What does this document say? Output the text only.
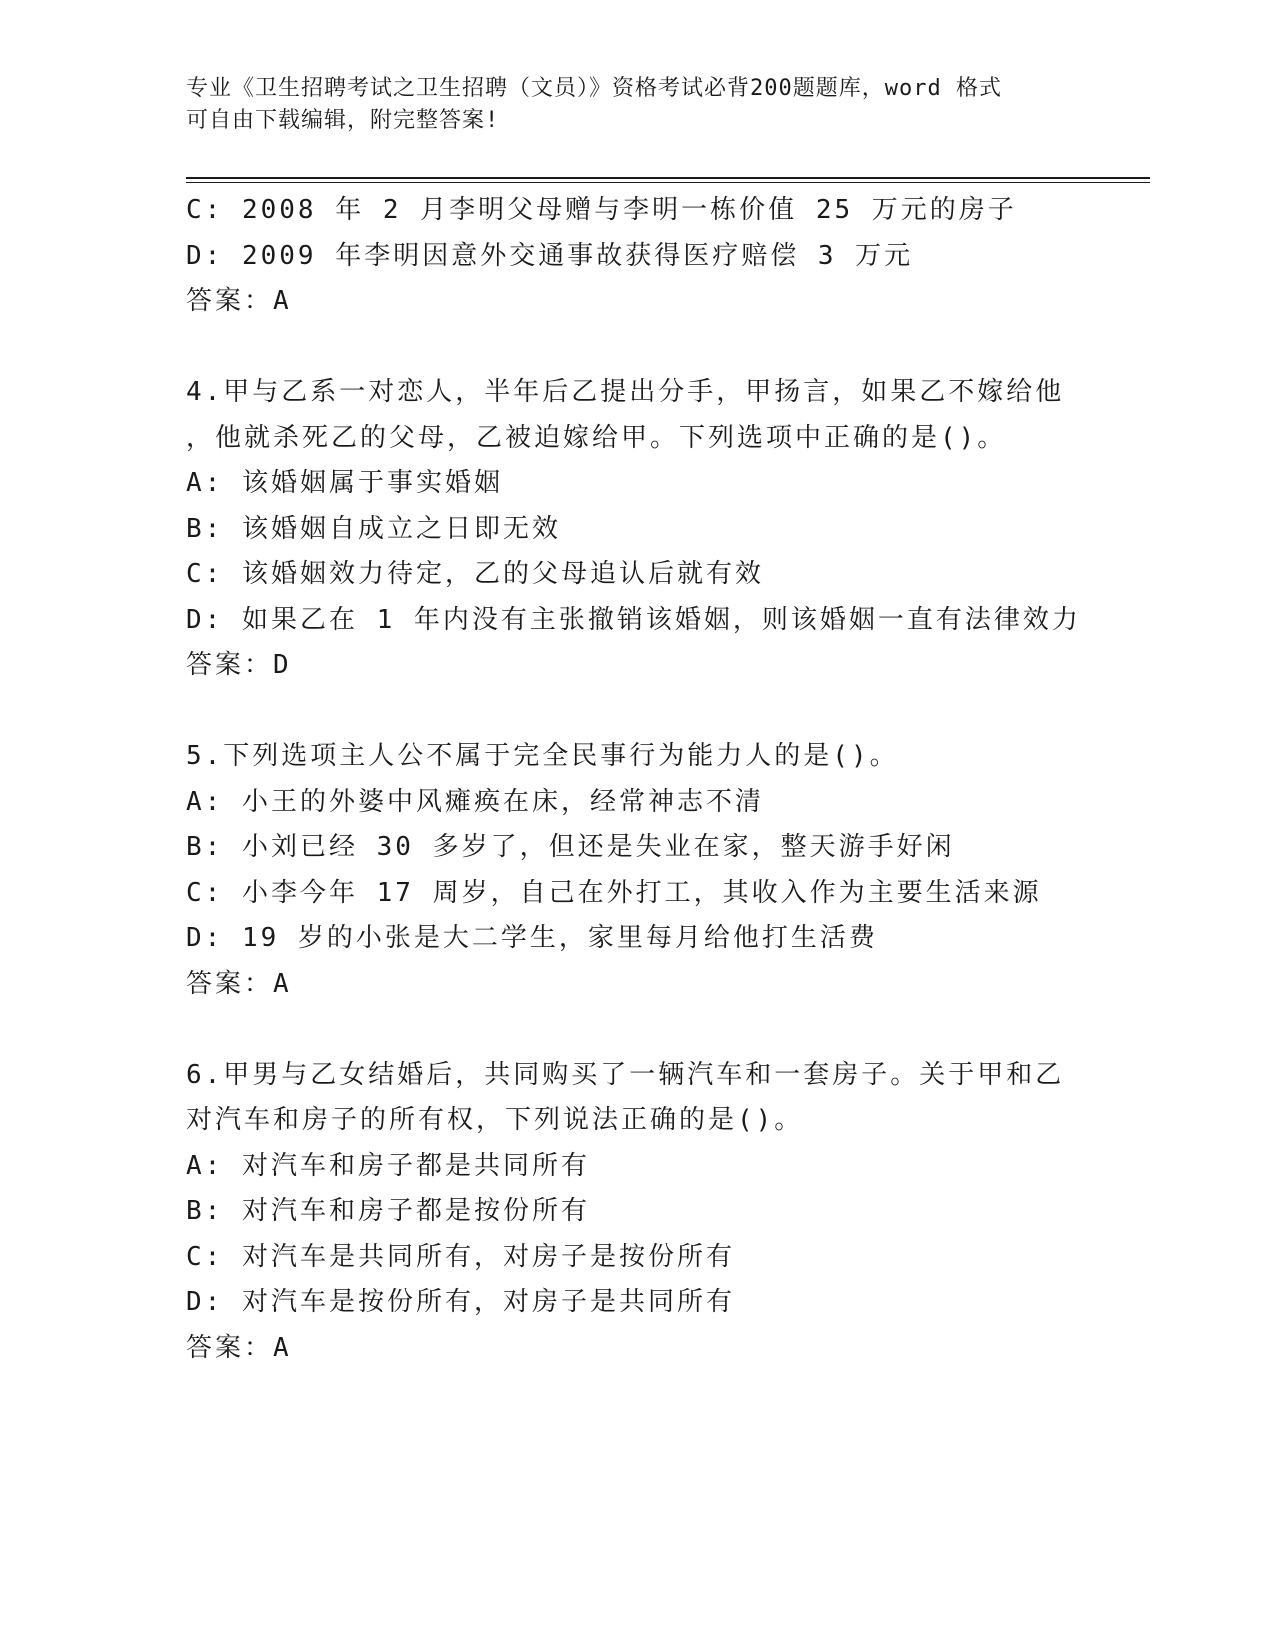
专业《卫生招聘考试之卫生招聘（文员）》资格考试必背200题题库，word 格式
可自由下载编辑，附完整答案!
C: 2008 年 2 月李明父母赠与李明一栋价值 25 万元的房子
D: 2009 年李明因意外交通事故获得医疗赔偿 3 万元
答案：A
4.甲与乙系一对恋人，半年后乙提出分手，甲扬言，如果乙不嫁给他
，他就杀死乙的父母，乙被迫嫁给甲。下列选项中正确的是()。
A: 该婚姻属于事实婚姻
B: 该婚姻自成立之日即无效
C: 该婚姻效力待定，乙的父母追认后就有效
D: 如果乙在 1 年内没有主张撤销该婚姻，则该婚姻一直有法律效力
答案：D
5.下列选项主人公不属于完全民事行为能力人的是()。
A: 小王的外婆中风瘫痪在床，经常神志不清
B: 小刘已经 30 多岁了，但还是失业在家，整天游手好闲
C: 小李今年 17 周岁，自己在外打工，其收入作为主要生活来源
D: 19 岁的小张是大二学生，家里每月给他打生活费
答案：A
6.甲男与乙女结婚后，共同购买了一辆汽车和一套房子。关于甲和乙
对汽车和房子的所有权，下列说法正确的是()。
A: 对汽车和房子都是共同所有
B: 对汽车和房子都是按份所有
C: 对汽车是共同所有，对房子是按份所有
D: 对汽车是按份所有，对房子是共同所有
答案：A
